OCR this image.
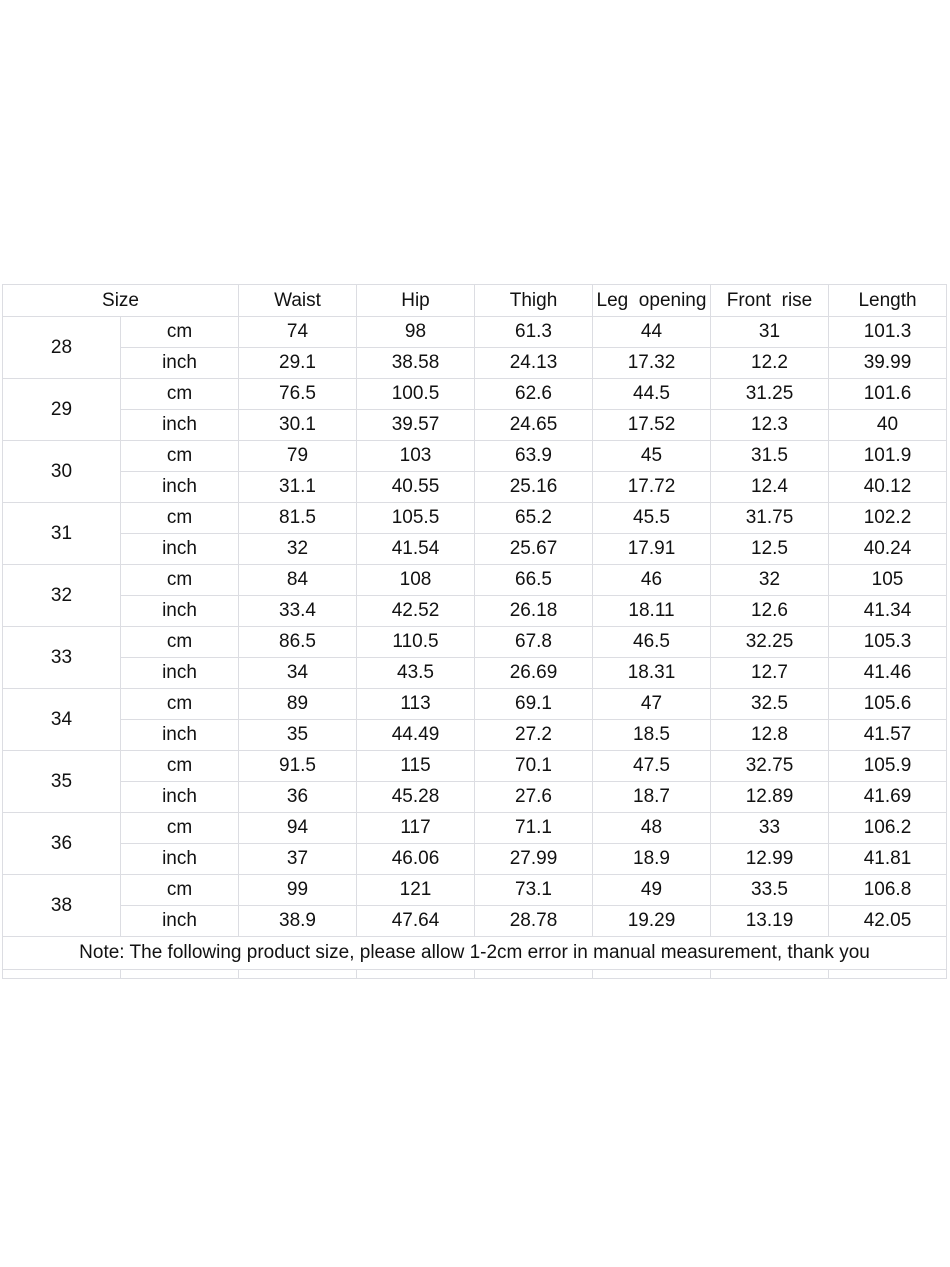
Size		Waist	Hip	Thigh	Leg  opening	Front  rise	Length
28	cm	74	98	61.3	44	31	101.3
	inch	29.1	38.58	24.13	17.32	12.2	39.99
29	cm	76.5	100.5	62.6	44.5	31.25	101.6
	inch	30.1	39.57	24.65	17.52	12.3	40
30	cm	79	103	63.9	45	31.5	101.9
	inch	31.1	40.55	25.16	17.72	12.4	40.12
31	cm	81.5	105.5	65.2	45.5	31.75	102.2
	inch	32	41.54	25.67	17.91	12.5	40.24
32	cm	84	108	66.5	46	32	105
	inch	33.4	42.52	26.18	18.11	12.6	41.34
33	cm	86.5	110.5	67.8	46.5	32.25	105.3
	inch	34	43.5	26.69	18.31	12.7	41.46
34	cm	89	113	69.1	47	32.5	105.6
	inch	35	44.49	27.2	18.5	12.8	41.57
35	cm	91.5	115	70.1	47.5	32.75	105.9
	inch	36	45.28	27.6	18.7	12.89	41.69
36	cm	94	117	71.1	48	33	106.2
	inch	37	46.06	27.99	18.9	12.99	41.81
38	cm	99	121	73.1	49	33.5	106.8
	inch	38.9	47.64	28.78	19.29	13.19	42.05
Note: The following product size, please allow 1-2cm error in manual measurement, thank you							
